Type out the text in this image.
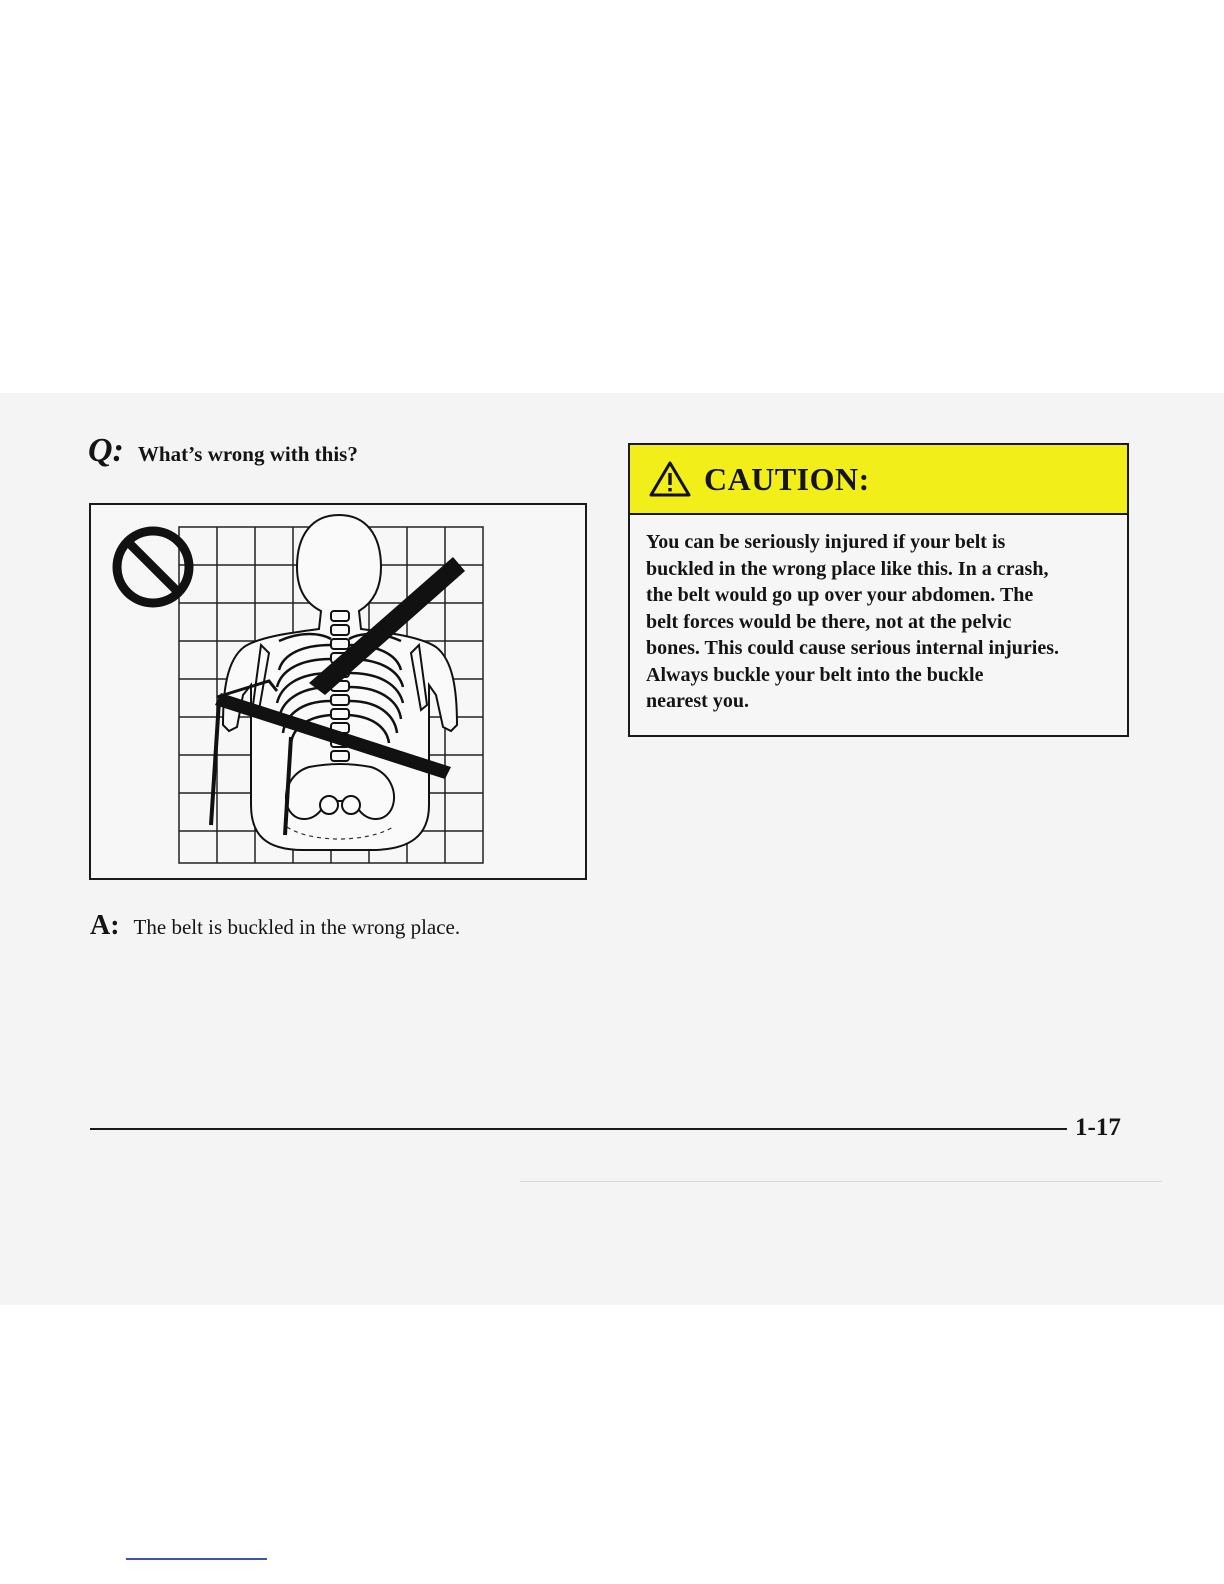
Q: What’s wrong with this?
A: The belt is buckled in the wrong place.
CAUTION:
You can be seriously injured if your belt is
buckled in the wrong place like this. In a crash,
the belt would go up over your abdomen. The
belt forces would be there, not at the pelvic
bones. This could cause serious internal injuries.
Always buckle your belt into the buckle
nearest you.
1-17
